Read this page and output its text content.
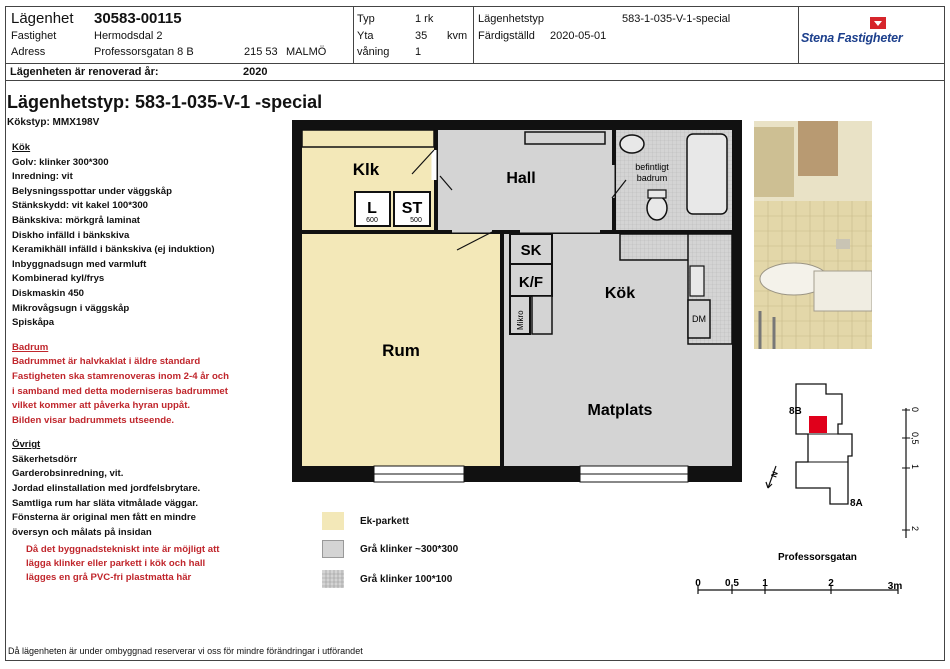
Lägenhet 30583-00115
Fastighet	Hermodsdal 2
Adress	Professorsgatan 8 B	215 53 MALMÖ
Typ	1 rk
Yta	35 kvm
våning 1
Lägenhetstyp	583-1-035-V-1-special
Färdigställd 2020-05-01	Stena Fastigheter
Lägenheten är renoverad år:	2020
Lägenhetstyp: 583-1-035-V-1 -special
Kökstyp: MMX198V
Kök
Golv: klinker 300*300
Inredning: vit
Belysningsspottar under väggskåp
Stänkskydd: vit kakel 100*300
Bänkskiva: mörkgrå laminat
Diskho infälld i bänkskiva
Keramikhäll infälld i bänkskiva (ej induktion)
Inbyggnadsugn med varmluft
Kombinerad kyl/frys
Diskmaskin 450
Mikrovågsugn i väggskåp
Spiskåpa
Badrum
Badrummet är halvkaklat i äldre standard
Fastigheten ska stamrenoveras inom 2-4 år och
i samband med detta moderniseras badrummet
vilket kommer att påverka hyran uppåt.
Bilden visar badrummets utseende.
Övrigt
Säkerhetsdörr
Garderobsinredning, vit.
Jordad elinstallation med jordfelsbrytare.
Samtliga rum har släta vitmålade väggar.
Fönsterna är original men fått en mindre
översyn och målats på insidan
Då det byggnadstekniskt inte är möjligt att
lägga klinker eller parkett i kök och hall
lägges en grå PVC-fri plastmatta här
Klk
L
600
ST
500
Hall
befintligt
badrum
SK
K/F
Mikro
Kök
DM
Rum
Matplats	8B
8A
Professorsgatan
N
0
0,5
1
2
Ek-parkett
Grå klinker ~300*300
Grå klinker 100*100	0 0,5 1	2	3m
Då lägenheten är under ombyggnad reserverar vi oss för mindre förändringar i utförandet
